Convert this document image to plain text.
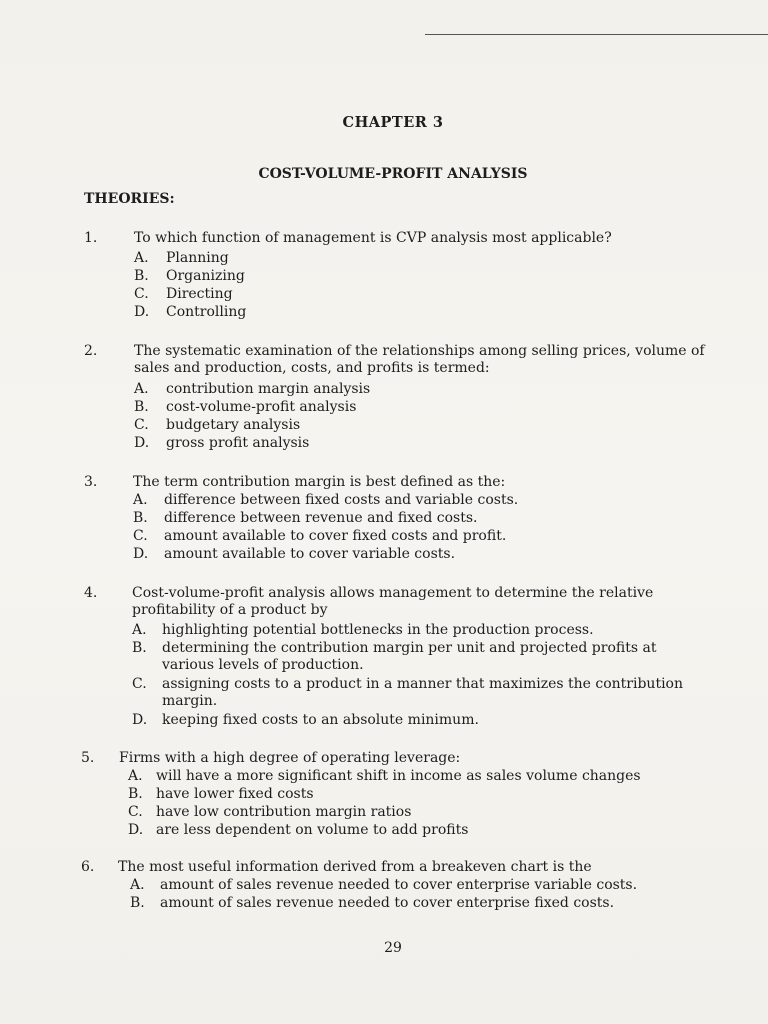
CHAPTER 3
COST-VOLUME-PROFIT ANALYSIS
THEORIES:
1.	To which function of management is CVP analysis most applicable?
A. Planning
B. Organizing
C. Directing
D. Controlling
2.	The systematic examination of the relationships among selling prices, volume of
sales and production, costs, and profits is termed:
A. contribution margin analysis
B. cost-volume-profit analysis
C. budgetary analysis
D. gross profit analysis
3.	The term contribution margin is best defined as the:
A. difference between fixed costs and variable costs.
B. difference between revenue and fixed costs.
C. amount available to cover fixed costs and profit.
D. amount available to cover variable costs.
4. Cost-volume-profit analysis allows management to determine the relative
profitability of a product by
A. highlighting potential bottlenecks in the production process.
B. determining the contribution margin per unit and projected profits at
various levels of production.
C. assigning costs to a product in a manner that maximizes the contribution
margin.
D. keeping fixed costs to an absolute minimum.
5. Firms with a high degree of operating leverage:
A. will have a more significant shift in income as sales volume changes
B. have lower fixed costs
C. have low contribution margin ratios
D. are less dependent on volume to add profits
6. The most useful information derived from a breakeven chart is the
A. amount of sales revenue needed to cover enterprise variable costs.
B. amount of sales revenue needed to cover enterprise fixed costs.
29
